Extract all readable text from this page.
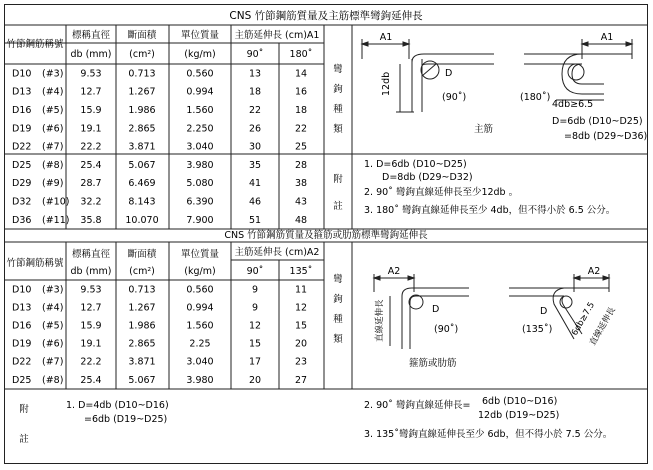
CNS 竹節鋼筋質量及主筋標準彎鉤延伸長
竹節鋼筋稱號
標稱直徑
db (mm)
斷面積
(cm²)
單位質量
(kg/m)
主筋延伸長 (cm)A1
90˚	180˚
D10 (#3) 9.53	0.713	0.560	13	14
D13 (#4) 12.7	1.267	0.994	18	16
D16 (#5) 15.9	1.986	1.560	22	18
D19 (#6) 19.1	2.865	2.250	26	22
D22 (#7) 22.2	3.871	3.040	30	25
D25 (#8) 25.4	5.067	3.980	35	28
D29 (#9) 28.7	6.469	5.080	41	38
D32 (#10) 32.2	8.143	6.390	46	43
D36 (#11) 35.8	10.070	7.900	51	48
彎
鉤
種
類
附
註
A1	A1
D
12db
(90˚)	(180˚)
4db≥6.5
D=6db (D10~D25)
=8db (D29~D36)
主筋
1. D=6db (D10~D25)
D=8db (D29~D32)
2. 90˚ 彎鉤直線延伸長至少12db 。
3. 180˚ 彎鉤直線延伸長至少 4db，但不得小於 6.5 公分。
CNS 竹節鋼筋質量及箍筋或肋筋標準彎鉤延伸長
竹節鋼筋稱號
標稱直徑
db (mm)
斷面積
(cm²)
單位質量
(kg/m)
主筋延伸長 (cm)A2
90˚	135˚
D10 (#3) 9.53	0.713	0.560	9	11
D13 (#4) 12.7	1.267	0.994	9	12
D16 (#5) 15.9	1.986	1.560	12	15
D19 (#6) 19.1	2.865	2.25	15	20
D22 (#7) 22.2	3.871	3.040	17	23
D25 (#8) 25.4	5.067	3.980	20	27
彎
鉤
種
類
A2	A2
D	D
直線延伸長	(90˚)	(135˚) 6db≥7.5
直線延伸長
箍筋或肋筋
附
註
1. D=4db (D10~D16)
=6db (D19~D25)
2. 90˚ 彎鉤直線延伸長= 6db (D10~D16)
12db (D19~D25)
3. 135˚彎鉤直線延伸長至少 6db，但不得小於 7.5 公分。
